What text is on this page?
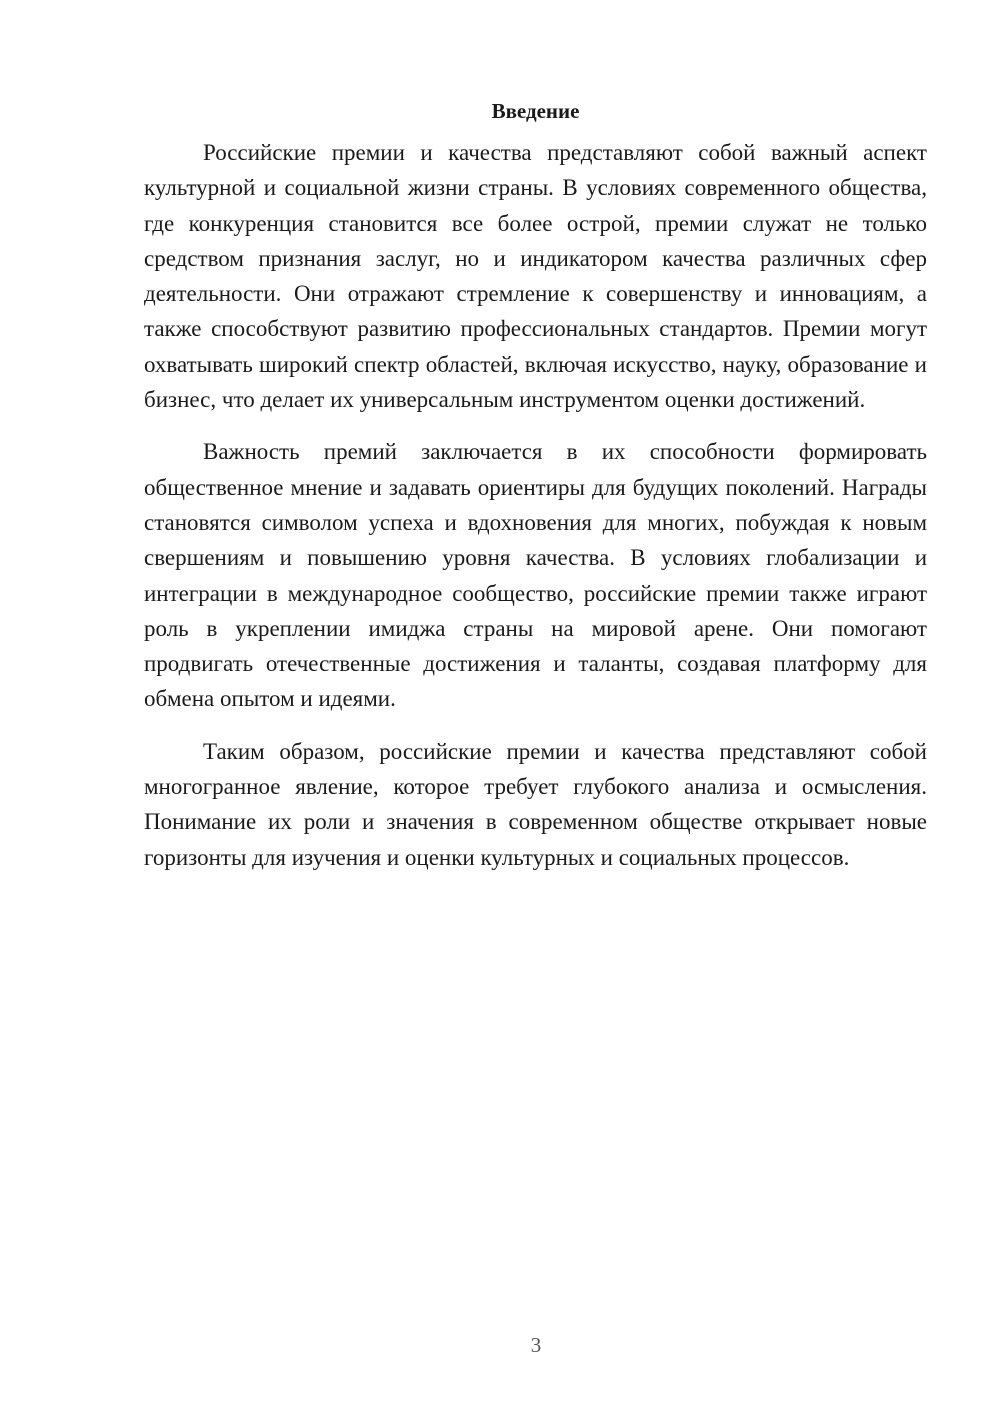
Введение

Российские премии и качества представляют собой важный аспект культурной и социальной жизни страны. В условиях современного общества, где конкуренция становится все более острой, премии служат не только средством признания заслуг, но и индикатором качества различных сфер деятельности. Они отражают стремление к совершенству и инновациям, а также способствуют развитию профессиональных стандартов. Премии могут охватывать широкий спектр областей, включая искусство, науку, образование и бизнес, что делает их универсальным инструментом оценки достижений.

Важность премий заключается в их способности формировать общественное мнение и задавать ориентиры для будущих поколений. Награды становятся символом успеха и вдохновения для многих, побуждая к новым свершениям и повышению уровня качества. В условиях глобализации и интеграции в международное сообщество, российские премии также играют роль в укреплении имиджа страны на мировой арене. Они помогают продвигать отечественные достижения и таланты, создавая платформу для обмена опытом и идеями.

Таким образом, российские премии и качества представляют собой многогранное явление, которое требует глубокого анализа и осмысления. Понимание их роли и значения в современном обществе открывает новые горизонты для изучения и оценки культурных и социальных процессов.

3
